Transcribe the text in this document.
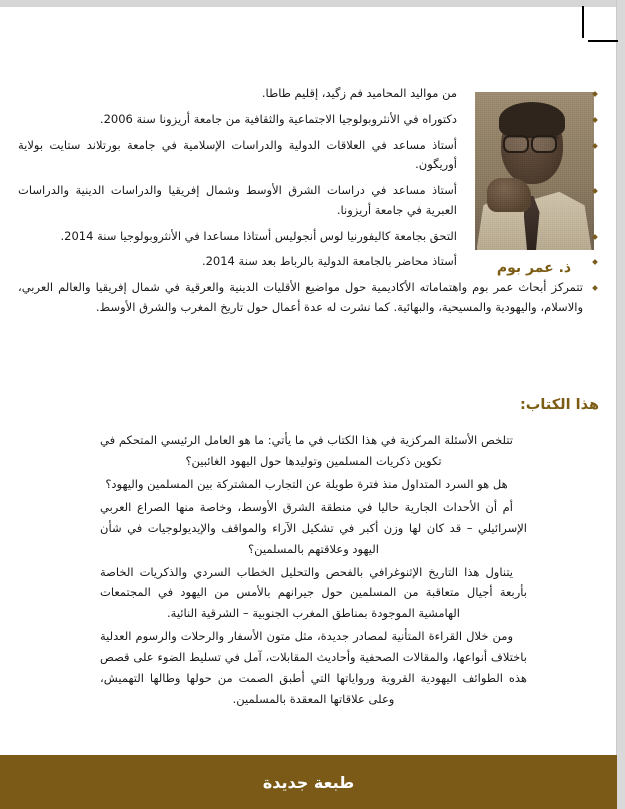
ذ. عمر بوم
من مواليد المحاميد فم زگيد، إقليم طاطا.
دكتوراه في الأنثروبولوجيا الاجتماعية والثقافية من جامعة أريزونا سنة 2006.
أستاذ مساعد في العلاقات الدولية والدراسات الإسلامية في جامعة بورتلاند ستايت بولاية أوريگون.
أستاذ مساعد في دراسات الشرق الأوسط وشمال إفريقيا والدراسات الدينية والدراسات العبرية في جامعة أريزونا.
التحق بجامعة كاليفورنيا لوس أنجوليس أستاذا مساعدا في الأنثروبولوجيا سنة 2014.
أستاذ محاضر بالجامعة الدولية بالرباط بعد سنة 2014.
تتمركز أبحاث عمر بوم واهتماماته الأكاديمية حول مواضيع الأقليات الدينية والعرقية في شمال إفريقيا والعالم العربي، والاسلام، واليهودية والمسيحية، والبهائية. كما نشرت له عدة أعمال حول تاريخ المغرب والشرق الأوسط.
هذا الكتاب:

تتلخص الأسئلة المركزية في هذا الكتاب في ما يأتي: ما هو العامل الرئيسي المتحكم في تكوين ذكريات المسلمين وتوليدها حول اليهود الغائبين؟

هل هو السرد المتداول منذ فترة طويلة عن التجارب المشتركة بين المسلمين واليهود؟

أم أن الأحداث الجارية حاليا في منطقة الشرق الأوسط، وخاصة منها الصراع العربي الإسرائيلي – قد كان لها وزن أكبر في تشكيل الآراء والمواقف والإيديولوجيات في شأن اليهود وعلاقتهم بالمسلمين؟

يتناول هذا التاريخ الإثنوغرافي بالفحص والتحليل الخطاب السردي والذكريات الخاصة بأربعة أجيال متعاقبة من المسلمين حول جيرانهم بالأمس من اليهود في المجتمعات الهامشية الموجودة بمناطق المغرب الجنوبية – الشرقية النائية.

ومن خلال القراءة المتأنية لمصادر جديدة، مثل متون الأسفار والرحلات والرسوم العدلية باختلاف أنواعها، والمقالات الصحفية وأحاديث المقابلات، آمل في تسليط الضوء على قصص هذه الطوائف اليهودية القروية ورواياتها التي أطبق الصمت من حولها وطالها التهميش، وعلى علاقاتها المعقدة بالمسلمين.

طبعة جديدة
